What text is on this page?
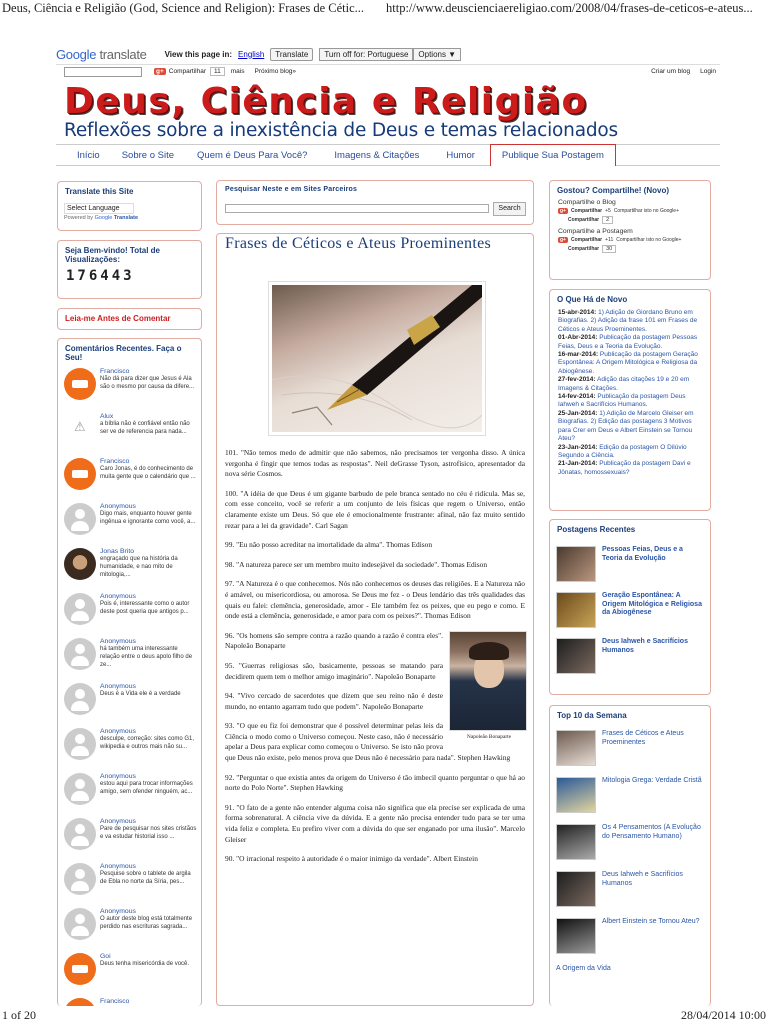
Deus, Ciência e Religião (God, Science and Religion): Frases de Cétic... http://www.deuscienciaereligiao.com/2008/04/frases-de-ceticos-e-ateus...
Google translate View this page in: English	Translate	Turn off for: Portuguese	Options ▼
g+ Compartilhar	11	mais Próximo blog»	Criar um blog Login
Deus, Ciência e Religião
Reflexões sobre a inexistência de Deus e temas relacionados
Início	Sobre o Site	Quem é Deus Para Você?	Imagens & Citações	Humor	Publique Sua Postagem
Translate this Site
Select Language
Powered by Google Translate
Seja Bem-vindo! Total de Visualizações:
176443
Leia-me Antes de Comentar
Comentários Recentes. Faça o Seu!
Francisco
Não dá para dizer que Jesus é Ala são o mesmo por causa da difere...
⚠
Alux
a bíblia não é confiável então não ser ve de referencia para nada...
Francisco
Caro Jonas, é do conhecimento de muita gente que o calendário que ...
Anonymous
Digo mais, enquanto houver gente ingênua e ignorante como você, a...
Jonas Brito
engraçado que na história da humanidade, e nao mito de mitologia,...
Anonymous
Pois é, interessante como o autor deste post queria que antigos p...
Anonymous
há também uma interessante relação entre o deus apolo filho de ze...
Anonymous
Deus é a Vida ele é a verdade
Anonymous
desculpe, correção: sites como G1, wikipedia e outros mais não su...
Anonymous
estou aqui para trocar informações amigo, sem ofender ninguém, ac...
Anonymous
Pare de pesquisar nos sites cristãos e va estudar historial isso ...
Anonymous
Pesquise sobre o tablete de argila de Ebla no norte da Síria, pes...
Anonymous
O autor deste blog está totalmente perdido nas escrituras sagrada...
Goi
Deus tenha misericórdia de você.
Francisco
Pesquisar Neste e em Sites Parceiros
Search
Frases de Céticos e Ateus Proeminentes
101. "Não temos medo de admitir que não sabemos, não precisamos ter vergonha disso. A única vergonha é fingir que temos todas as respostas". Neil deGrasse Tyson, astrofísico, apresentador da nova série Cosmos.
100. "A idéia de que Deus é um gigante barbudo de pele branca sentado no céu é ridícula. Mas se, com esse conceito, você se referir a um conjunto de leis físicas que regem o Universo, então claramente existe um Deus. Só que ele é emocionalmente frustrante: afinal, não faz muito sentido rezar para a lei da gravidade". Carl Sagan
99. "Eu não posso acreditar na imortalidade da alma". Thomas Edison
98. "A natureza parece ser um membro muito indesejável da sociedade". Thomas Edison
97. "A Natureza é o que conhecemos. Nós não conhecemos os deuses das religiões. E a Natureza não é amável, ou misericordiosa, ou amorosa. Se Deus me fez - o Deus lendário das três qualidades das quais eu falei: clemência, generosidade, amor - Ele também fez os peixes, que eu pego e como. E onde está a clemência, generosidade, e amor para com os peixes?". Thomas Edison
Napoleão Bonaparte
96. "Os homens são sempre contra a razão quando a razão é contra eles". Napoleão Bonaparte
95. "Guerras religiosas são, basicamente, pessoas se matando para decidirem quem tem o melhor amigo imaginário". Napoleão Bonaparte
94. "Vivo cercado de sacerdotes que dizem que seu reino não é deste mundo, no entanto agarram tudo que podem". Napoleão Bonaparte
93. "O que eu fiz foi demonstrar que é possível determinar pelas leis da Ciência o modo como o Universo começou. Neste caso, não é necessário apelar a Deus para explicar como começou o Universo. Se isto não prova que Deus não existe, pelo menos prova que Deus não é necessário para nada". Stephen Hawking
92. "Perguntar o que existia antes da origem do Universo é tão imbecil quanto perguntar o que há ao norte do Polo Norte". Stephen Hawking
91. "O fato de a gente não entender alguma coisa não significa que ela precise ser explicada de uma forma sobrenatural. A ciência vive da dúvida. E a gente não precisa entender tudo para se ter uma vida feliz e completa. Eu prefiro viver com a dúvida do que ser enganado por uma ilusão". Marcelo Gleiser
90. "O irracional respeito à autoridade é o maior inimigo da verdade". Albert Einstein
Gostou? Compartilhe! (Novo)
Compartilhe o Blog
g+	Compartilhar +5 Compartilhar isto no Google+
Compartilhar	2
Compartilhe a Postagem
g+	Compartilhar +11 Compartilhar isto no Google+
Compartilhar	30
O Que Há de Novo
15-abr-2014: 1) Adição de Giordano Bruno em Biografias. 2) Adição da frase 101 em Frases de Céticos e Ateus Proeminentes.
01-Abr-2014: Publicação da postagem Pessoas Feias, Deus e a Teoria da Evolução.
16-mar-2014: Publicação da postagem Geração Espontânea: A Origem Mitológica e Religiosa da Abiogênese.
27-fev-2014: Adição das citações 19 e 20 em Imagens & Citações.
14-fev-2014: Publicação da postagem Deus Iahweh e Sacrifícios Humanos.
25-Jan-2014: 1) Adição de Marcelo Gleiser em Biografias. 2) Edição das postagens 3 Motivos para Crer em Deus e Albert Einstein se Tornou Ateu?
23-Jan-2014: Edição da postagem O Dilúvio Segundo a Ciência.
21-Jan-2014: Publicação da postagem Davi e Jônatas, homossexuais?
Postagens Recentes
Pessoas Feias, Deus e a Teoria da Evolução
Geração Espontânea: A Origem Mitológica e Religiosa da Abiogênese
Deus Iahweh e Sacrifícios Humanos
Top 10 da Semana
Frases de Céticos e Ateus Proeminentes
Mitologia Grega: Verdade Cristã
Os 4 Pensamentos (A Evolução do Pensamento Humano)
Deus Iahweh e Sacrifícios Humanos
Albert Einstein se Tornou Ateu?
A Origem da Vida
1 of 20	28/04/2014 10:00
